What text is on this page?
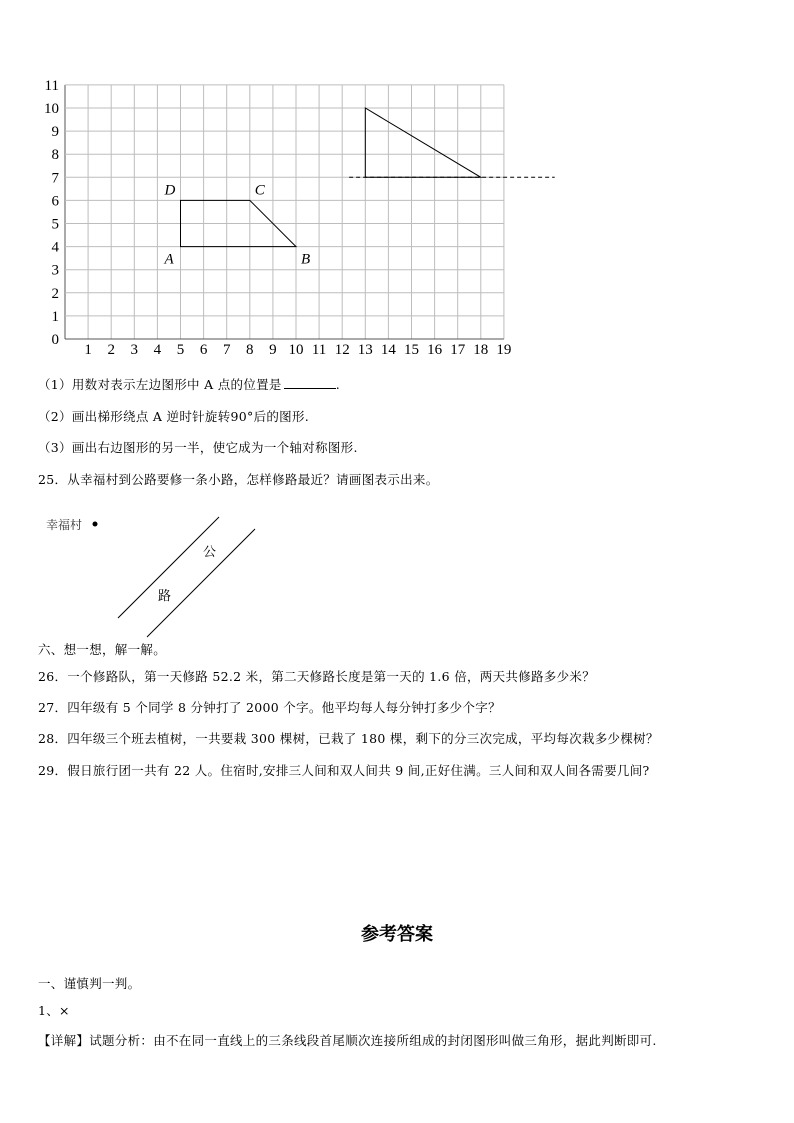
0
1
2
3
4
5
6
7
8
9
10
11
1 2 3 4 5 6 7 8 9 10 11 12 13 14 15 16 17 18 19
A	B
C
D
（1）用数对表示左边图形中 A 点的位置是	.
（2）画出梯形绕点 A 逆时针旋转90°后的图形.
（3）画出右边图形的另一半，使它成为一个轴对称图形.
25．从幸福村到公路要修一条小路，怎样修路最近？请画图表示出来。
幸福村
公
路
六、想一想，解一解。
26．一个修路队，第一天修路 52.2 米，第二天修路长度是第一天的 1.6 倍，两天共修路多少米？
27．四年级有 5 个同学 8 分钟打了 2000 个字。他平均每人每分钟打多少个字？
28．四年级三个班去植树，一共要栽 300 棵树，已栽了 180 棵，剩下的分三次完成，平均每次栽多少棵树？
29．假日旅行团一共有 22 人。住宿时,安排三人间和双人间共 9 间,正好住满。三人间和双人间各需要几间?
参考答案
一、谨慎判一判。
1、×
【详解】试题分析：由不在同一直线上的三条线段首尾顺次连接所组成的封闭图形叫做三角形，据此判断即可.
